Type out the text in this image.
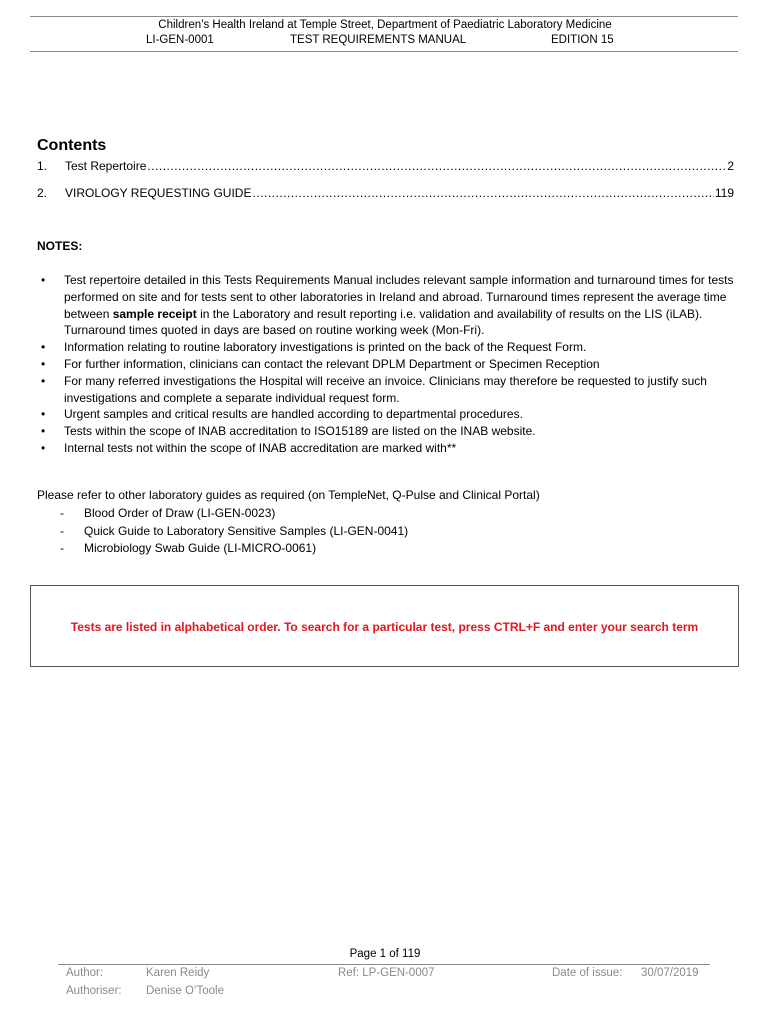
Children’s Health Ireland at Temple Street, Department of Paediatric Laboratory Medicine
LI-GEN-0001	TEST REQUIREMENTS MANUAL	EDITION 15
Contents
1.	Test Repertoire .....	2
2.	VIROLOGY REQUESTING GUIDE .....	119
NOTES:
• Test repertoire detailed in this Tests Requirements Manual includes relevant sample information and turnaround times for tests performed on site and for tests sent to other laboratories in Ireland and abroad. Turnaround times represent the average time between sample receipt in the Laboratory and result reporting i.e. validation and availability of results on the LIS (iLAB). Turnaround times quoted in days are based on routine working week (Mon-Fri).
• Information relating to routine laboratory investigations is printed on the back of the Request Form.
• For further information, clinicians can contact the relevant DPLM Department or Specimen Reception
• For many referred investigations the Hospital will receive an invoice. Clinicians may therefore be requested to justify such investigations and complete a separate individual request form.
• Urgent samples and critical results are handled according to departmental procedures.
• Tests within the scope of INAB accreditation to ISO15189 are listed on the INAB website.
• Internal tests not within the scope of INAB accreditation are marked with**
Please refer to other laboratory guides as required (on TempleNet, Q-Pulse and Clinical Portal)
- Blood Order of Draw (LI-GEN-0023)
- Quick Guide to Laboratory Sensitive Samples (LI-GEN-0041)
- Microbiology Swab Guide (LI-MICRO-0061)
Tests are listed in alphabetical order. To search for a particular test, press CTRL+F and enter your search term
Page 1 of 119
Author:	Karen Reidy	Ref: LP-GEN-0007	Date of issue: 30/07/2019
Authoriser: Denise O’Toole
